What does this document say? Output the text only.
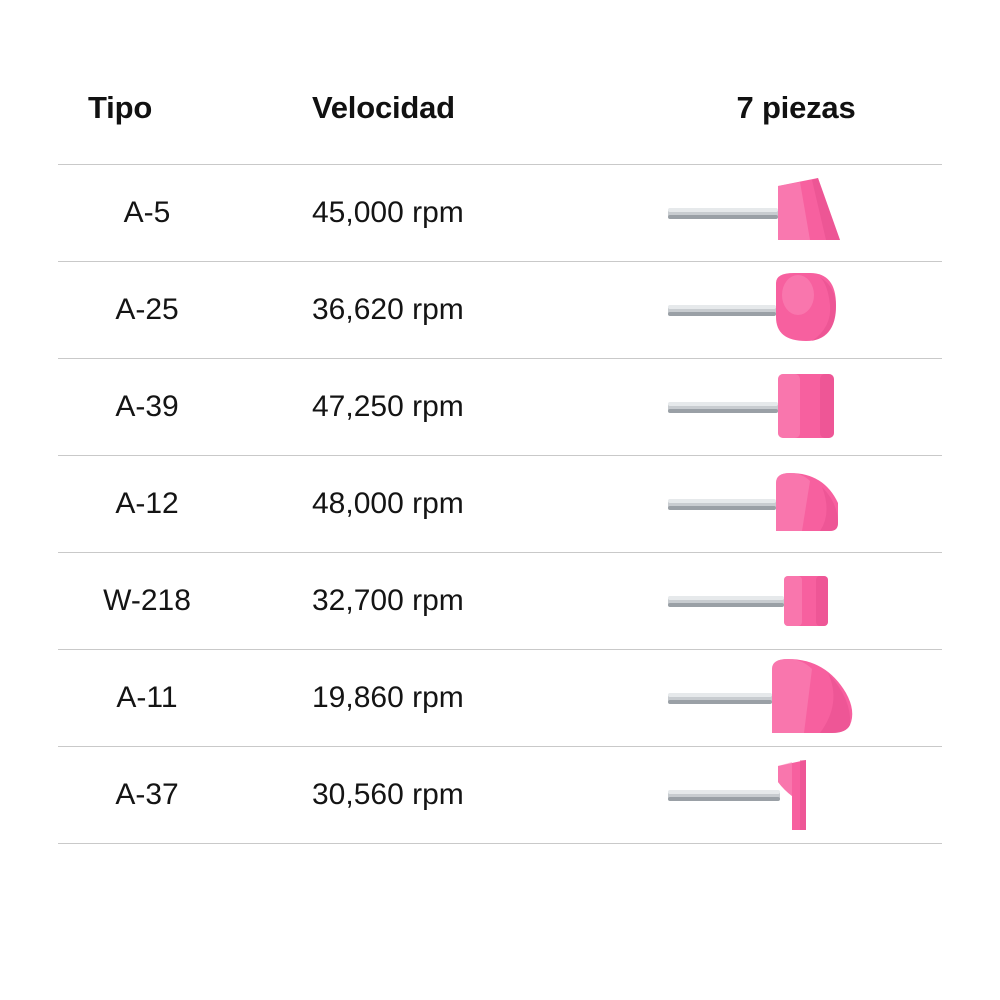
Tipo	Velocidad	7 piezas
A-5	45,000 rpm	

A-25	36,620 rpm	

A-39	47,250 rpm	

A-12	48,000 rpm	

W-218	32,700 rpm	

A-11	19,860 rpm	

A-37	30,560 rpm	
